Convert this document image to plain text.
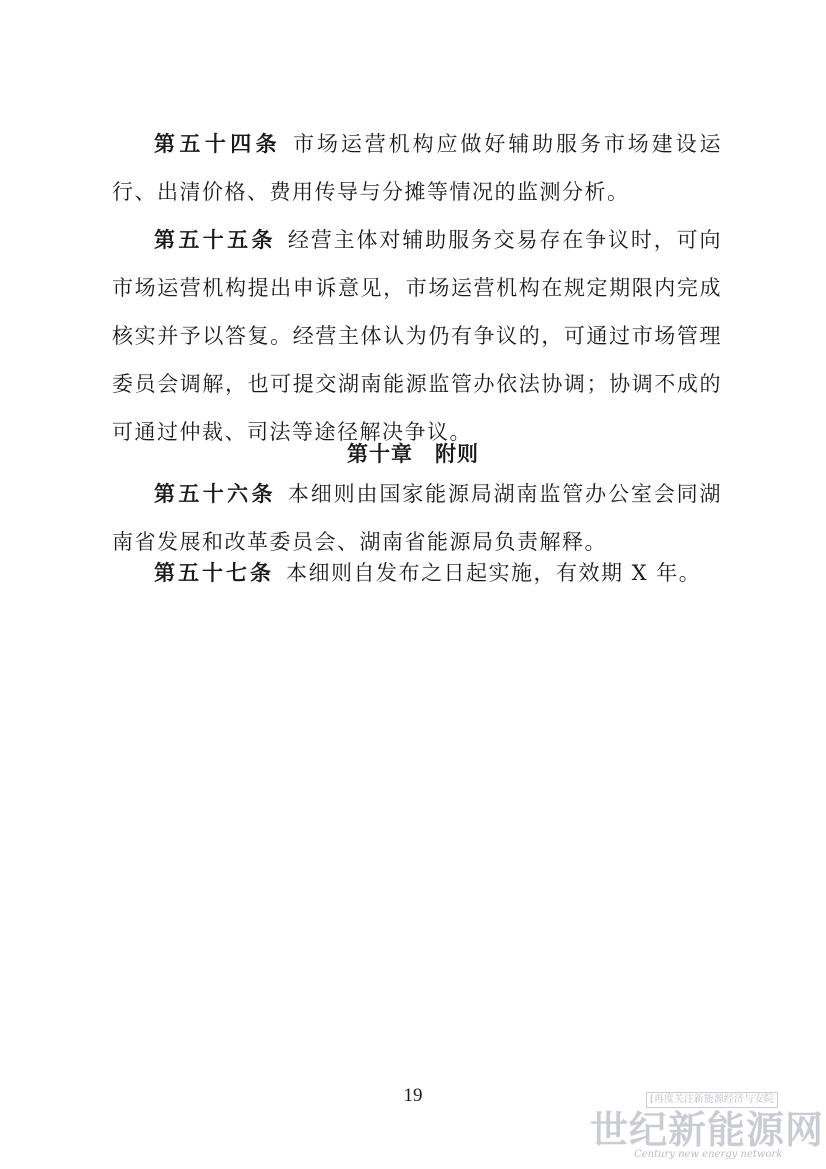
第五十四条 市场运营机构应做好辅助服务市场建设运行、出清价格、费用传导与分摊等情况的监测分析。

第五十五条 经营主体对辅助服务交易存在争议时，可向市场运营机构提出申诉意见，市场运营机构在规定期限内完成核实并予以答复。经营主体认为仍有争议的，可通过市场管理委员会调解，也可提交湖南能源监管办依法协调；协调不成的可通过仲裁、司法等途径解决争议。

第十章 附则

第五十六条 本细则由国家能源局湖南监管办公室会同湖南省发展和改革委员会、湖南省能源局负责解释。

第五十七条 本细则自发布之日起实施，有效期 X 年。

19	[再度关注新能源经济与安院
世纪新能源网
Century new energy network
